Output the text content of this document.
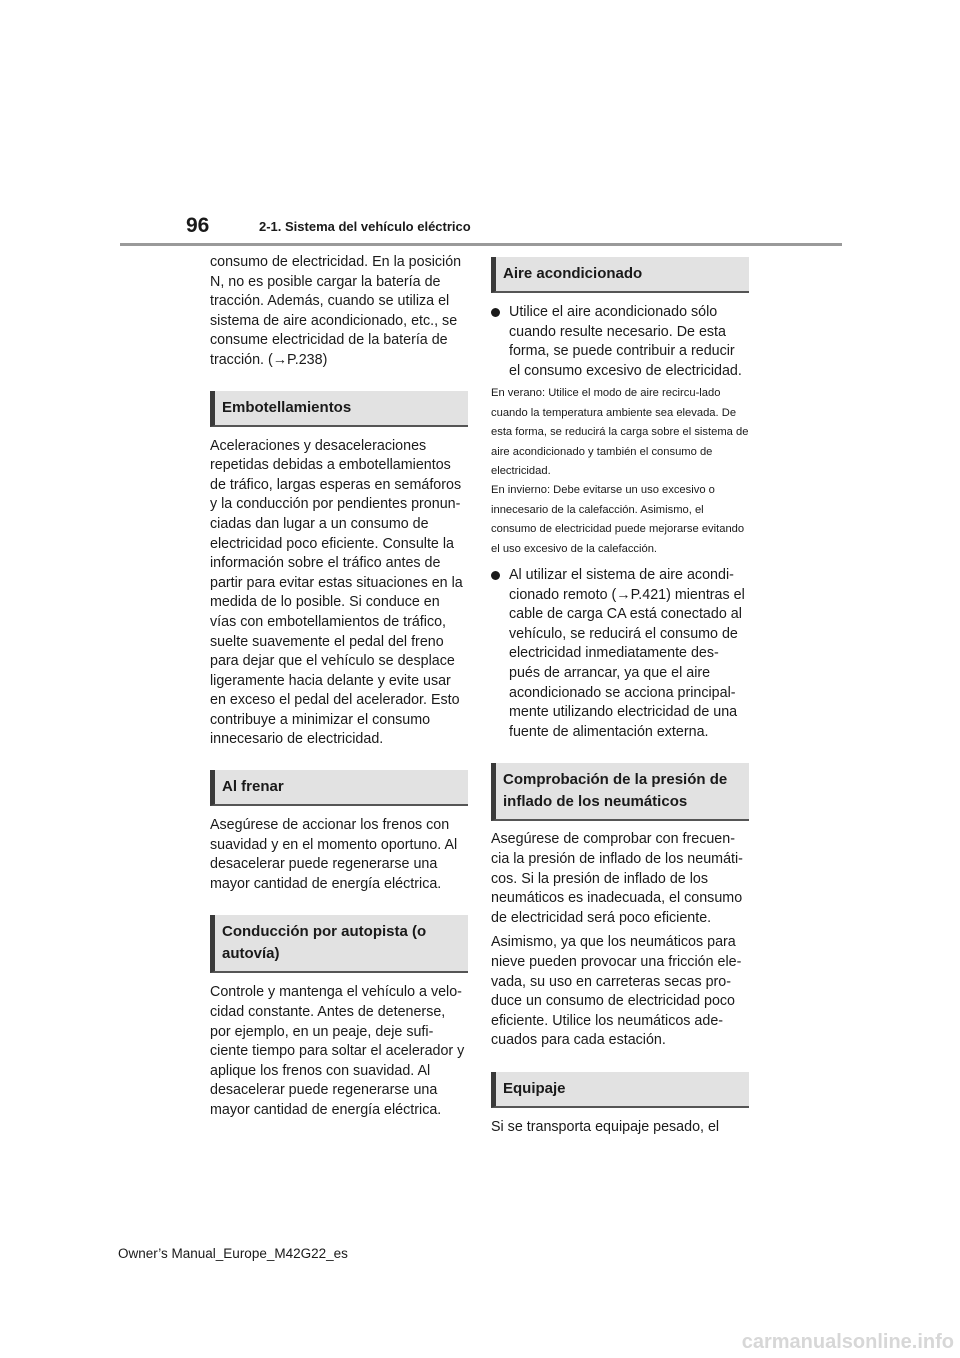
96	2-1. Sistema del vehículo eléctrico

consumo de electricidad. En la posición N, no es posible cargar la batería de tracción. Además, cuando se utiliza el sistema de aire acondicionado, etc., se consume electricidad de la batería de tracción. (→P.238)

Embotellamientos

Aceleraciones y desaceleraciones repetidas debidas a embotellamientos de tráfico, largas esperas en semáforos y la conducción por pendientes pronun-ciadas dan lugar a un consumo de electricidad poco eficiente. Consulte la información sobre el tráfico antes de partir para evitar estas situaciones en la medida de lo posible. Si conduce en vías con embotellamientos de tráfico, suelte suavemente el pedal del freno para dejar que el vehículo se desplace ligeramente hacia delante y evite usar en exceso el pedal del acelerador. Esto contribuye a minimizar el consumo innecesario de electricidad.

Al frenar

Asegúrese de accionar los frenos con suavidad y en el momento oportuno. Al desacelerar puede regenerarse una mayor cantidad de energía eléctrica.

Conducción por autopista (o autovía)

Controle y mantenga el vehículo a velo-cidad constante. Antes de detenerse, por ejemplo, en un peaje, deje sufi-ciente tiempo para soltar el acelerador y aplique los frenos con suavidad. Al desacelerar puede regenerarse una mayor cantidad de energía eléctrica.

Aire acondicionado

Utilice el aire acondicionado sólo cuando resulte necesario. De esta forma, se puede contribuir a reducir el consumo excesivo de electricidad.

En verano: Utilice el modo de aire recircu-lado cuando la temperatura ambiente sea elevada. De esta forma, se reducirá la carga sobre el sistema de aire acondicionado y también el consumo de electricidad.

En invierno: Debe evitarse un uso excesivo o innecesario de la calefacción. Asimismo, el consumo de electricidad puede mejorarse evitando el uso excesivo de la calefacción.

Al utilizar el sistema de aire acondi-cionado remoto (→P.421) mientras el cable de carga CA está conectado al vehículo, se reducirá el consumo de electricidad inmediatamente des-pués de arrancar, ya que el aire acondicionado se acciona principal-mente utilizando electricidad de una fuente de alimentación externa.

Comprobación de la presión de inflado de los neumáticos

Asegúrese de comprobar con frecuen-cia la presión de inflado de los neumáti-cos. Si la presión de inflado de los neumáticos es inadecuada, el consumo de electricidad será poco eficiente.

Asimismo, ya que los neumáticos para nieve pueden provocar una fricción ele-vada, su uso en carreteras secas pro-duce un consumo de electricidad poco eficiente. Utilice los neumáticos ade-cuados para cada estación.

Equipaje

Si se transporta equipaje pesado, el

Owner’s Manual_Europe_M42G22_es
carmanualsonline.info
